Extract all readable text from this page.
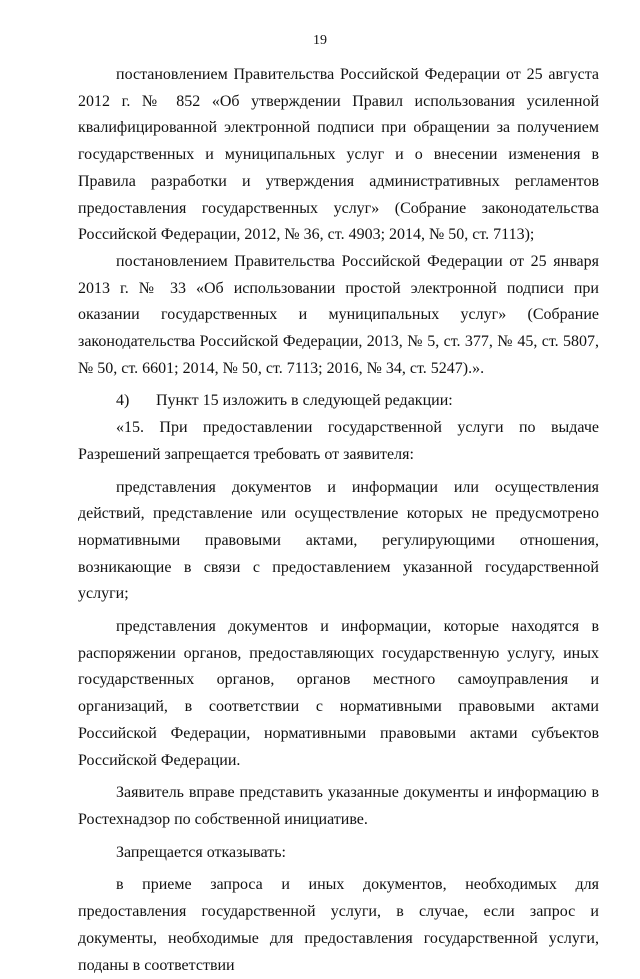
19

постановлением Правительства Российской Федерации от 25 августа 2012 г. № 852 «Об утверждении Правил использования усиленной квалифицированной электронной подписи при обращении за получением государственных и муниципальных услуг и о внесении изменения в Правила разработки и утверждения административных регламентов предоставления государственных услуг» (Собрание законодательства Российской Федерации, 2012, № 36, ст. 4903; 2014, № 50, ст. 7113);

постановлением Правительства Российской Федерации от 25 января 2013 г. № 33 «Об использовании простой электронной подписи при оказании государственных и муниципальных услуг» (Собрание законодательства Российской Федерации, 2013, № 5, ст. 377, № 45, ст. 5807, № 50, ст. 6601; 2014, № 50, ст. 7113; 2016, № 34, ст. 5247).».

4) Пункт 15 изложить в следующей редакции:

«15. При предоставлении государственной услуги по выдаче Разрешений запрещается требовать от заявителя:

представления документов и информации или осуществления действий, представление или осуществление которых не предусмотрено нормативными правовыми актами, регулирующими отношения, возникающие в связи с предоставлением указанной государственной услуги;

представления документов и информации, которые находятся в распоряжении органов, предоставляющих государственную услугу, иных государственных органов, органов местного самоуправления и организаций, в соответствии с нормативными правовыми актами Российской Федерации, нормативными правовыми актами субъектов Российской Федерации.

Заявитель вправе представить указанные документы и информацию в Ростехнадзор по собственной инициативе.

Запрещается отказывать:

в приеме запроса и иных документов, необходимых для предоставления государственной услуги, в случае, если запрос и документы, необходимые для предоставления государственной услуги, поданы в соответствии
